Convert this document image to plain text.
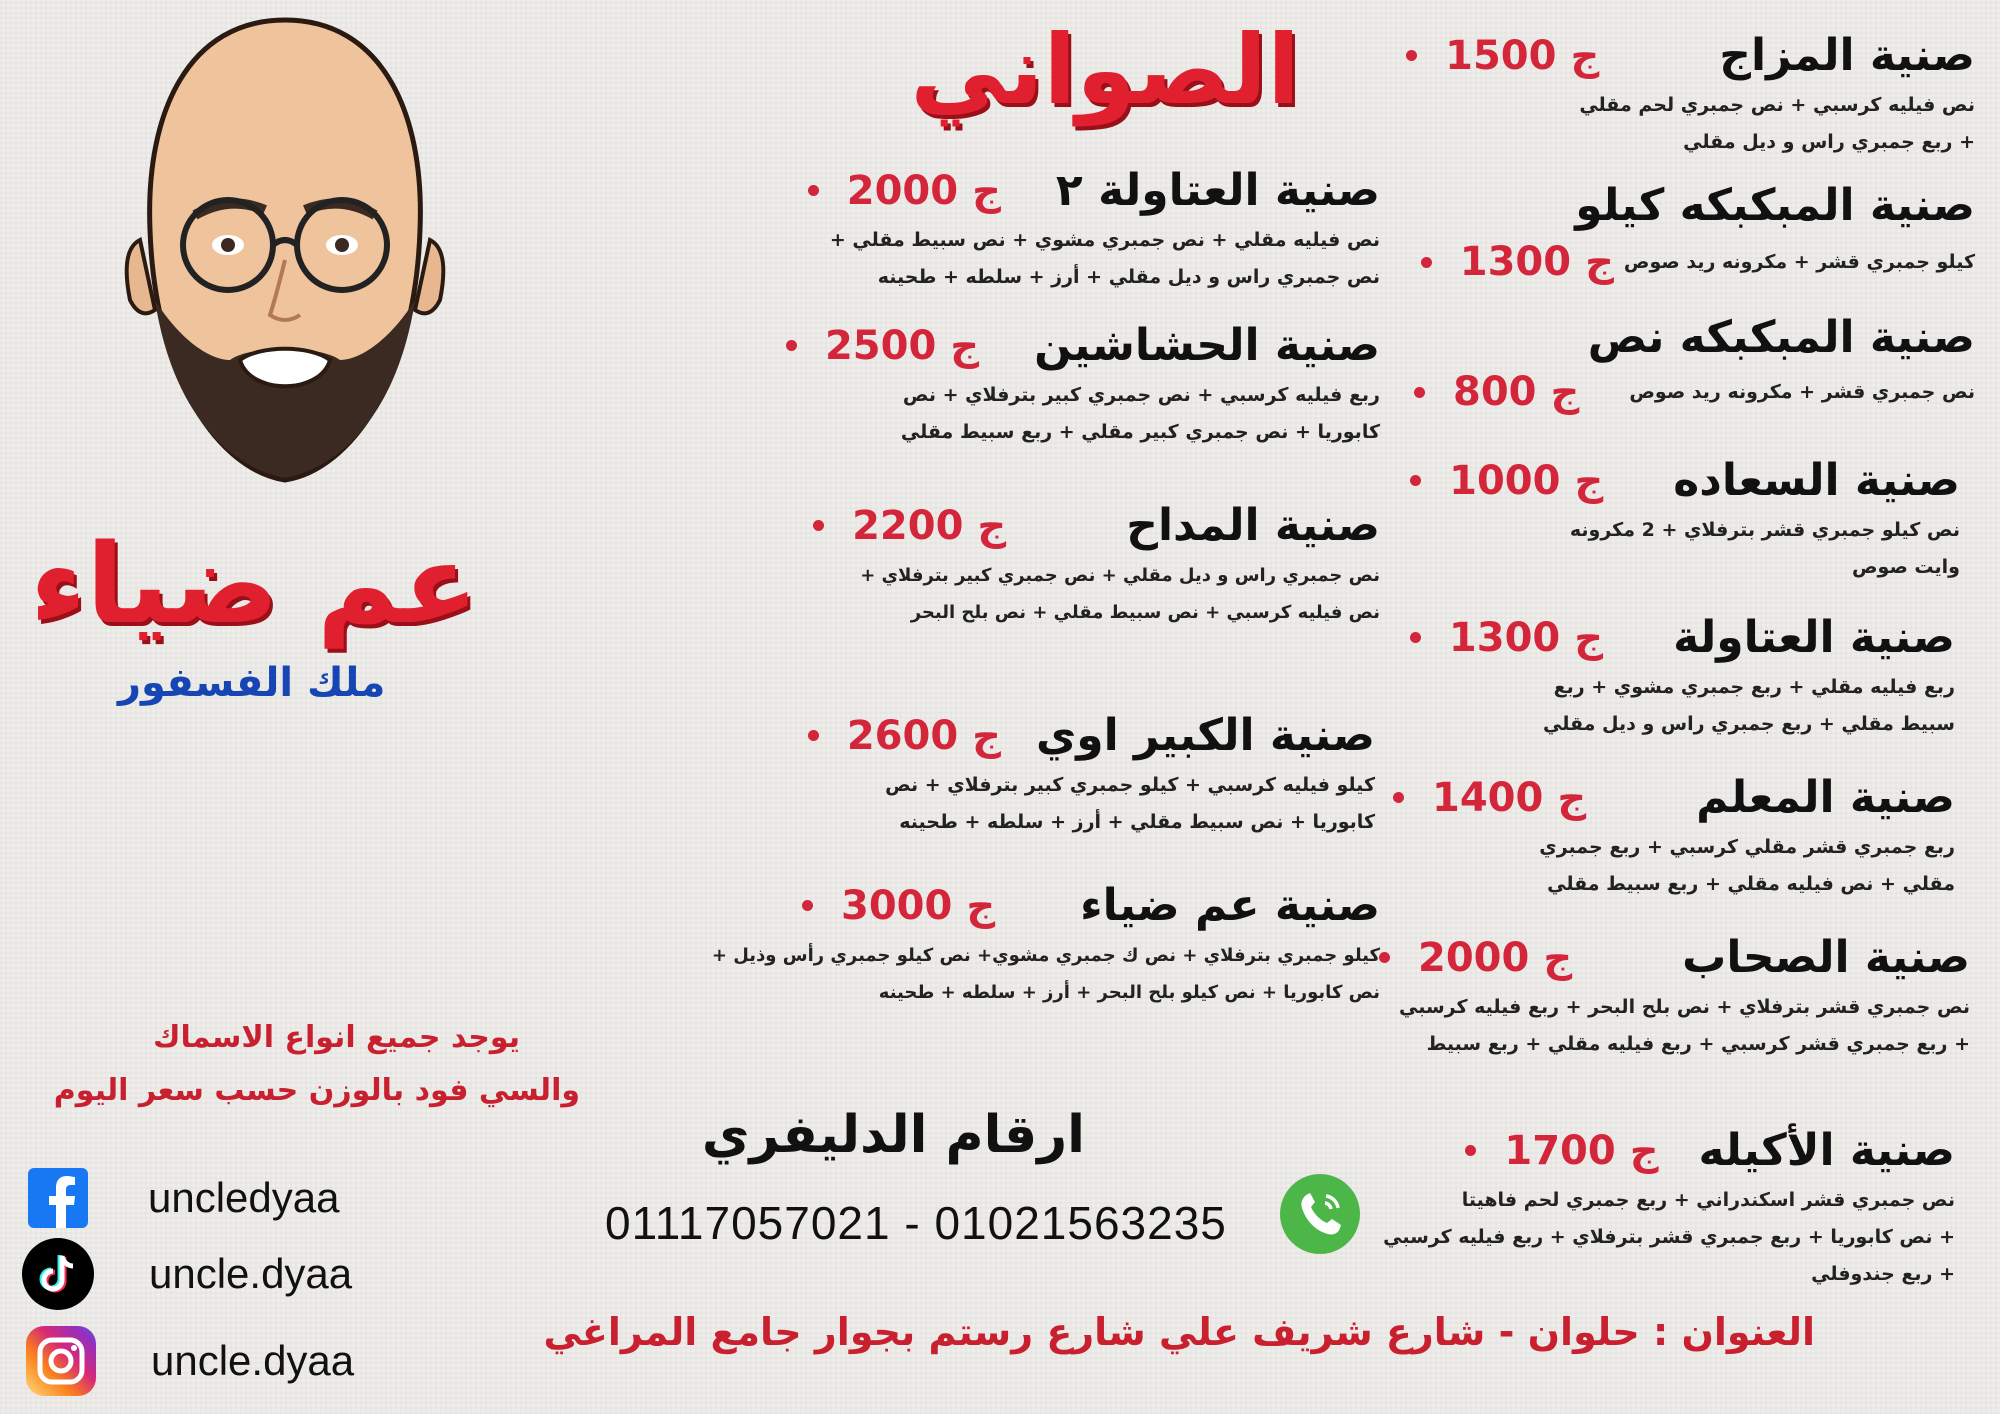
الصواني
عم ضياء
ملك الفسفور
صنية المزاج
ج
1500
نص فيليه كرسبي + نص جمبري لحم مقلي
+ ربع جمبري راس و ديل مقلي
صنية المبكبكه كيلو
كيلو جمبري قشر + مكرونه ريد صوص
ج
1300
صنية المبكبكه نص
نص جمبري قشر + مكرونه ريد صوص
ج
800
صنية السعاده
ج
1000
نص كيلو جمبري قشر بترفلاي + 2 مكرونه
وايت صوص
صنية العتاولة
ج
1300
ربع فيليه مقلي + ربع جمبري مشوي + ربع
سبيط مقلي + ربع جمبري راس و ديل مقلي
صنية المعلم
ج
1400
ربع جمبري قشر مقلي كرسبي + ربع جمبري
مقلي + نص فيليه مقلي + ربع سبيط مقلي
صنية الصحاب
ج
2000
نص جمبري قشر بترفلاي + نص بلح البحر + ربع فيليه كرسبي
+ ربع جمبري قشر كرسبي + ربع فيليه مقلي + ربع سبيط
صنية الأكيله
ج
1700
نص جمبري قشر اسكندراني + ربع جمبري لحم فاهيتا
+ نص كابوريا + ربع جمبري قشر بترفلاي + ربع فيليه كرسبي
+ ربع جندوفلي
صنية العتاولة ٢
ج
2000
نص فيليه مقلي + نص جمبري مشوي + نص سبيط مقلي +
نص جمبري راس و ديل مقلي + أرز + سلطه + طحينه
صنية الحشاشين
ج
2500
ربع فيليه كرسبي + نص جمبري كبير بترفلاي + نص
كابوريا + نص جمبري كبير مقلي + ربع سبيط مقلي
صنية المداح
ج
2200
نص جمبري راس و ديل مقلي + نص جمبري كبير بترفلاي +
نص فيليه كرسبي + نص سبيط مقلي + نص بلح البحر
صنية الكبير اوي
ج
2600
كيلو فيليه كرسبي + كيلو جمبري كبير بترفلاي + نص
كابوريا + نص سبيط مقلي + أرز + سلطه + طحينه
صنية عم ضياء
ج
3000
كيلو جمبري بترفلاي + نص ك جمبري مشوي+ نص كيلو جمبري رأس وذيل +
نص كابوريا + نص كيلو بلح البحر + أرز + سلطه + طحينه
يوجد جميع انواع الاسماك
والسي فود بالوزن حسب سعر اليوم
uncledyaa
uncle.dyaa
uncle.dyaa
ارقام الدليفري
01117057021 - 01021563235
العنوان : حلوان - شارع شريف علي شارع رستم بجوار جامع المراغي
